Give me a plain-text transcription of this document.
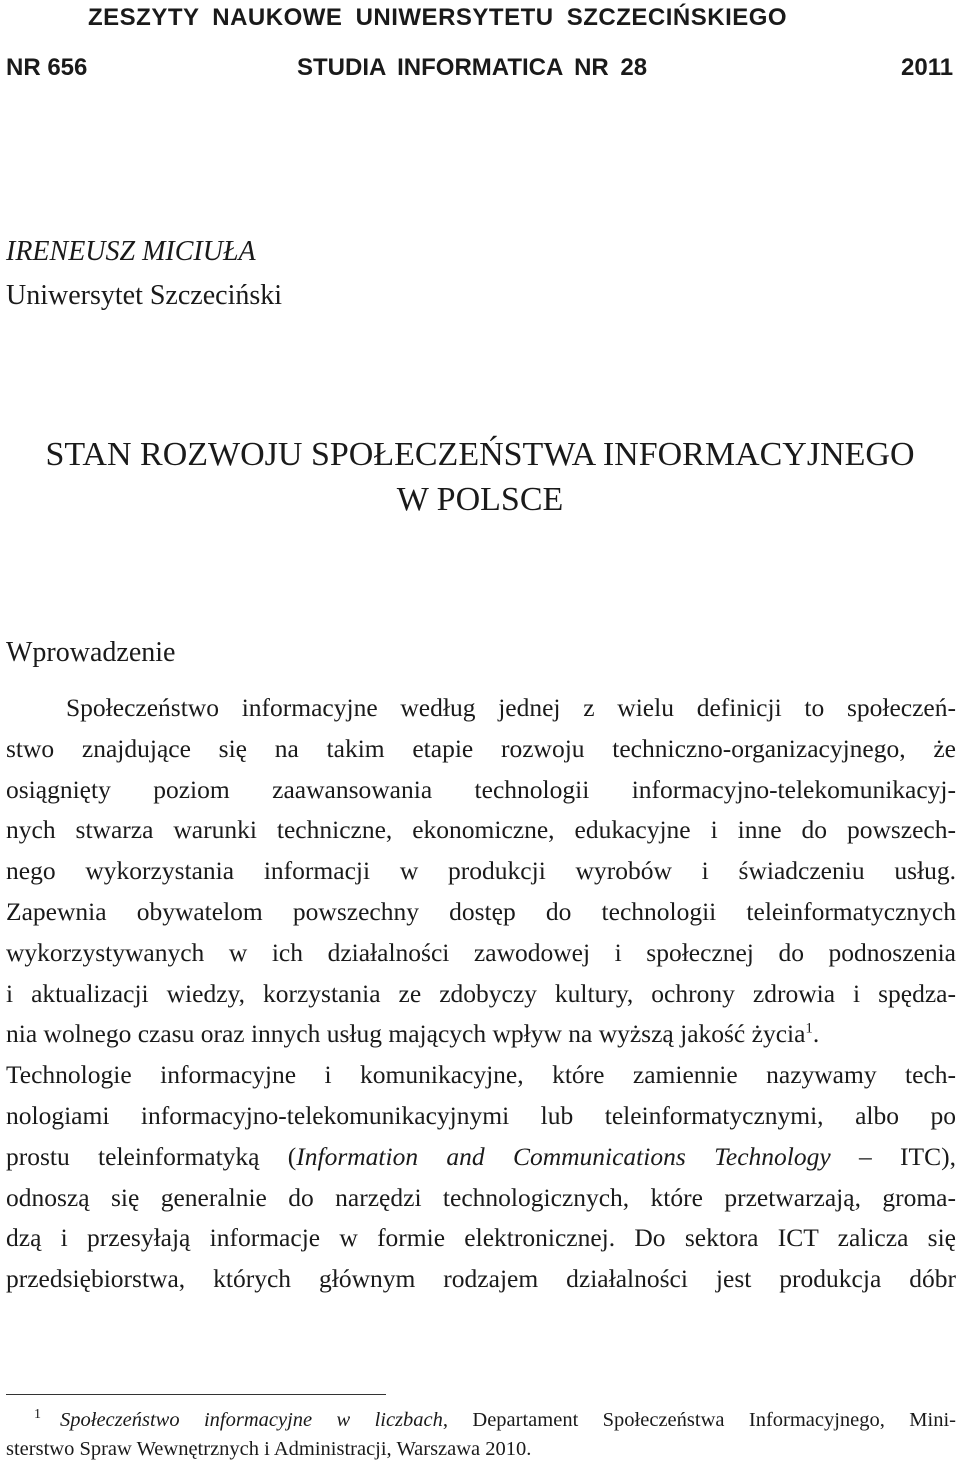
ZESZYTY NAUKOWE UNIWERSYTETU SZCZECIŃSKIEGO
NR 656	STUDIA INFORMATICA NR 28	2011
IRENEUSZ MICIUŁA
Uniwersytet Szczeciński
STAN ROZWOJU SPOŁECZEŃSTWA INFORMACYJNEGO
W POLSCE
Wprowadzenie
Społeczeństwo informacyjne według jednej z wielu definicji to społeczeń-
stwo znajdujące się na takim etapie rozwoju techniczno-organizacyjnego, że
osiągnięty poziom zaawansowania technologii informacyjno-telekomunikacyj-
nych stwarza warunki techniczne, ekonomiczne, edukacyjne i inne do powszech-
nego wykorzystania informacji w produkcji wyrobów i świadczeniu usług.
Zapewnia obywatelom powszechny dostęp do technologii teleinformatycznych
wykorzystywanych w ich działalności zawodowej i społecznej do podnoszenia
i aktualizacji wiedzy, korzystania ze zdobyczy kultury, ochrony zdrowia i spędza-
nia wolnego czasu oraz innych usług mających wpływ na wyższą jakość życia$^1$.
Technologie informacyjne i komunikacyjne, które zamiennie nazywamy tech-
nologiami informacyjno-telekomunikacyjnymi lub teleinformatycznymi, albo po
prostu teleinformatyką (Information and Communications Technology – ITC),
odnoszą się generalnie do narzędzi technologicznych, które przetwarzają, groma-
dzą i przesyłają informacje w formie elektronicznej. Do sektora ICT zalicza się
przedsiębiorstwa, których głównym rodzajem działalności jest produkcja dóbr
1 Społeczeństwo informacyjne w liczbach, Departament Społeczeństwa Informacyjnego, Mini-
sterstwo Spraw Wewnętrznych i Administracji, Warszawa 2010.
